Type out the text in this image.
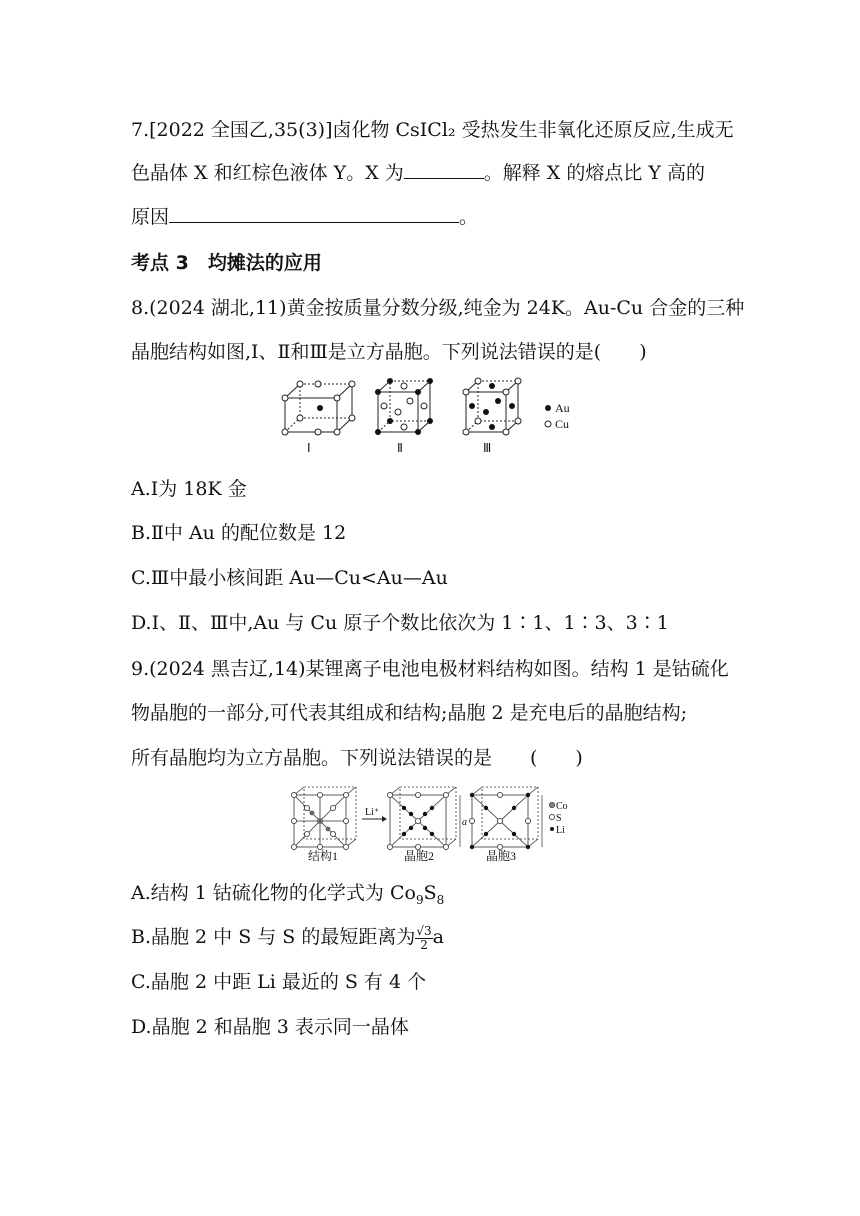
7.[2022 全国乙,35(3)]卤化物 CsICl₂ 受热发生非氧化还原反应,生成无
色晶体 X 和红棕色液体 Y。X 为	。解释 X 的熔点比 Y 高的
原因	。
考点 3　均摊法的应用
8.(2024 湖北,11)黄金按质量分数分级,纯金为 24K。Au-Cu 合金的三种
晶胞结构如图,Ⅰ、Ⅱ和Ⅲ是立方晶胞。下列说法错误的是(　　)
Ⅰ	Ⅱ	Ⅲ
Au
Cu
A.Ⅰ为 18K 金
B.Ⅱ中 Au 的配位数是 12
C.Ⅲ中最小核间距 Au—Cu<Au—Au
D.Ⅰ、Ⅱ、Ⅲ中,Au 与 Cu 原子个数比依次为 1∶1、1∶3、3∶1
9.(2024 黑吉辽,14)某锂离子电池电极材料结构如图。结构 1 是钴硫化
物晶胞的一部分,可代表其组成和结构;晶胞 2 是充电后的晶胞结构;
所有晶胞均为立方晶胞。下列说法错误的是　　(　　)
Li⁺
a
Co
S
Li
结构1	晶胞2	晶胞3
A.结构 1 钴硫化物的化学式为 $Co_9S_8$
B.晶胞 2 中 S 与 S 的最短距离为 $\frac{√3}{2}$ a
C.晶胞 2 中距 Li 最近的 S 有 4 个
D.晶胞 2 和晶胞 3 表示同一晶体
